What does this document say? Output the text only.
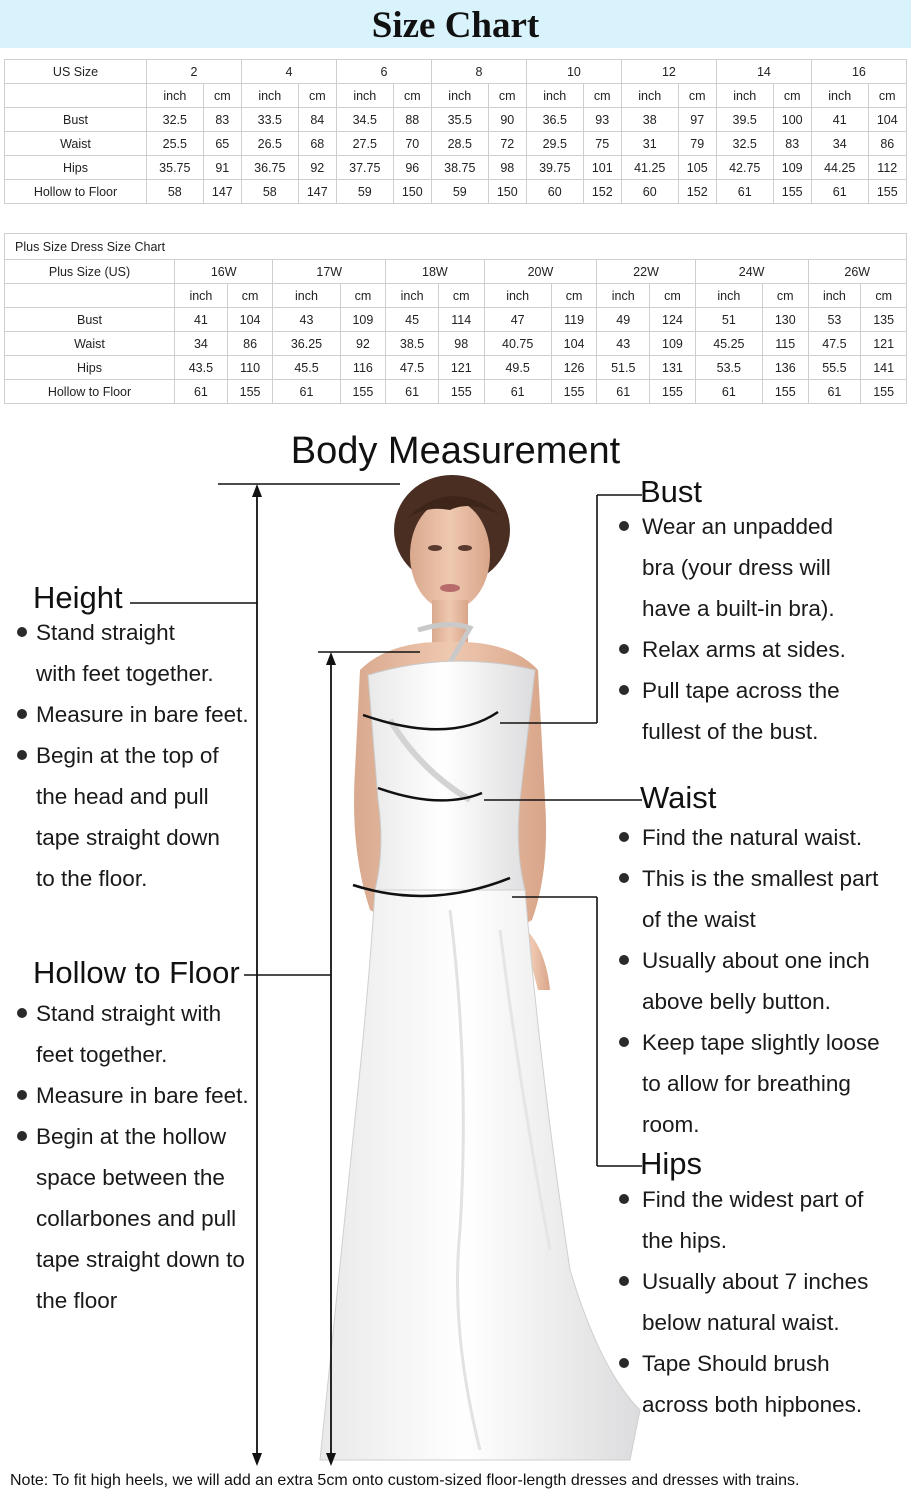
Size Chart
US Size	2		4		6		8		10		12		14		16	
	inch	cm	inch	cm	inch	cm	inch	cm	inch	cm	inch	cm	inch	cm	inch	cm
Bust	32.5	83	33.5	84	34.5	88	35.5	90	36.5	93	38	97	39.5	100	41	104
Waist	25.5	65	26.5	68	27.5	70	28.5	72	29.5	75	31	79	32.5	83	34	86
Hips	35.75	91	36.75	92	37.75	96	38.75	98	39.75	101	41.25	105	42.75	109	44.25	112
Hollow to Floor	58	147	58	147	59	150	59	150	60	152	60	152	61	155	61	155
Plus Size Dress Size Chart														
Plus Size (US)	16W		17W		18W		20W		22W		24W		26W	
	inch	cm	inch	cm	inch	cm	inch	cm	inch	cm	inch	cm	inch	cm
Bust	41	104	43	109	45	114	47	119	49	124	51	130	53	135
Waist	34	86	36.25	92	38.5	98	40.75	104	43	109	45.25	115	47.5	121
Hips	43.5	110	45.5	116	47.5	121	49.5	126	51.5	131	53.5	136	55.5	141
Hollow to Floor	61	155	61	155	61	155	61	155	61	155	61	155	61	155
Body Measurement
Height
Stand straight
with feet together.
Measure in bare feet.
Begin at the top of
the head and pull
tape straight down
to the floor.
Hollow to Floor
Stand straight with
feet together.
Measure in bare feet.
Begin at the hollow
space between the
collarbones and pull
tape straight down to
the floor
Bust
Wear an unpadded
bra (your dress will
have a built-in bra).
Relax arms at sides.
Pull tape across the
fullest of the bust.
Waist
Find the natural waist.
This is the smallest part
of the waist
Usually about one inch
above belly button.
Keep tape slightly loose
to allow for breathing
room.
Hips
Find the widest part of
the hips.
Usually about 7 inches
below natural waist.
Tape Should brush
across both hipbones.
Note: To fit high heels, we will add an extra 5cm onto custom-sized floor-length dresses and dresses with trains.
